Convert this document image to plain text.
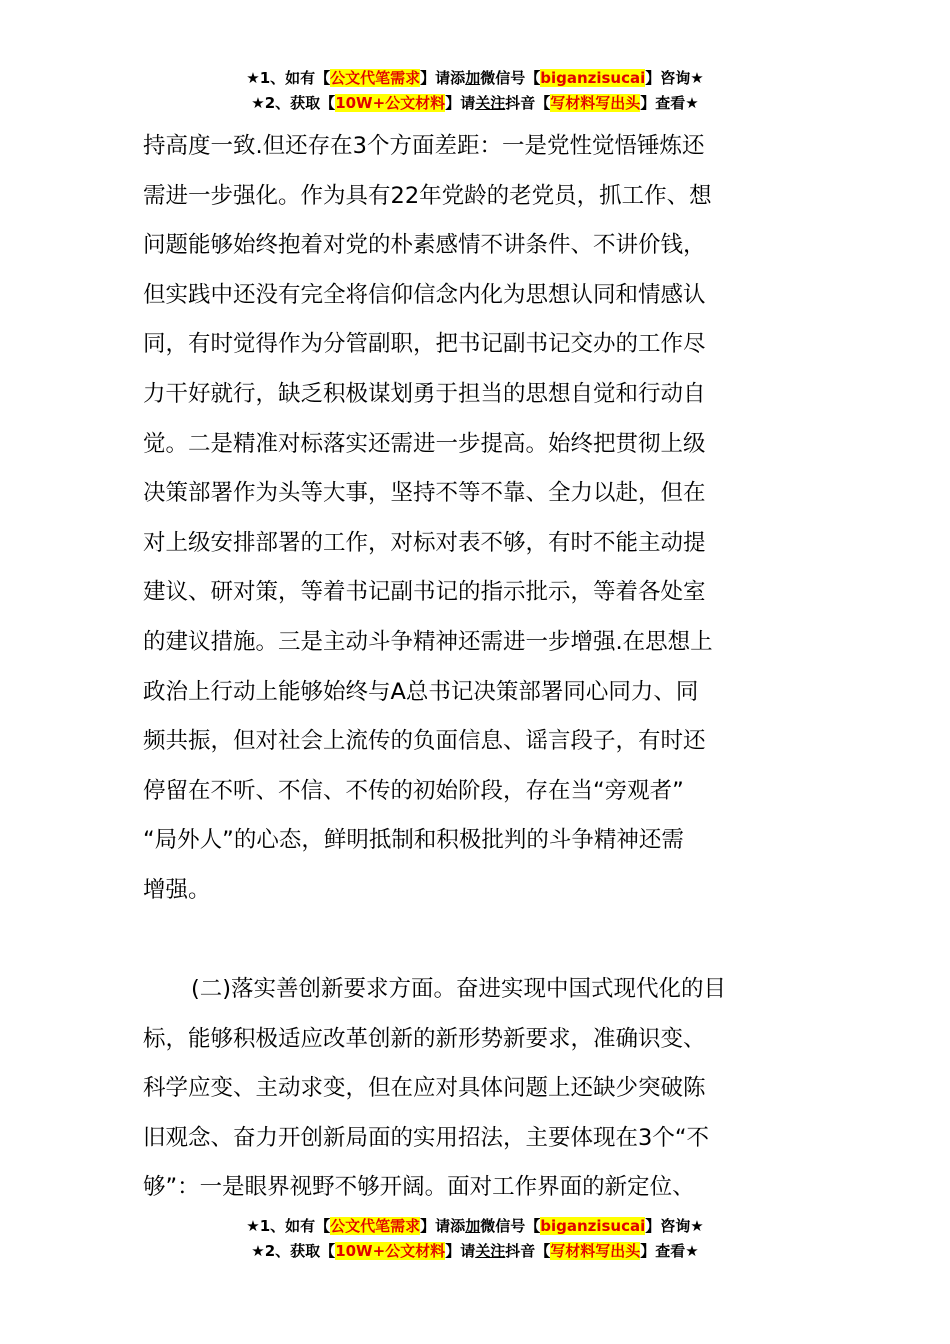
★1、如有【公文代笔需求】请添加微信号【biganzisucai】咨询★
★2、获取【10W+公文材料】请关注抖音【写材料写出头】查看★

持高度一致.但还存在3个方面差距：一是党性觉悟锤炼还
需进一步强化。作为具有22年党龄的老党员，抓工作、想
问题能够始终抱着对党的朴素感情不讲条件、不讲价钱，
但实践中还没有完全将信仰信念内化为思想认同和情感认
同，有时觉得作为分管副职，把书记副书记交办的工作尽
力干好就行，缺乏积极谋划勇于担当的思想自觉和行动自
觉。二是精准对标落实还需进一步提高。始终把贯彻上级
决策部署作为头等大事，坚持不等不靠、全力以赴，但在
对上级安排部署的工作，对标对表不够，有时不能主动提
建议、研对策，等着书记副书记的指示批示，等着各处室
的建议措施。三是主动斗争精神还需进一步增强.在思想上
政治上行动上能够始终与A总书记决策部署同心同力、同
频共振，但对社会上流传的负面信息、谣言段子，有时还
停留在不听、不信、不传的初始阶段，存在当“旁观者”
“局外人”的心态，鲜明抵制和积极批判的斗争精神还需
增强。

(二)落实善创新要求方面。奋进实现中国式现代化的目
标，能够积极适应改革创新的新形势新要求，准确识变、
科学应变、主动求变，但在应对具体问题上还缺少突破陈
旧观念、奋力开创新局面的实用招法，主要体现在3个“不
够”：一是眼界视野不够开阔。面对工作界面的新定位、

★1、如有【公文代笔需求】请添加微信号【biganzisucai】咨询★
★2、获取【10W+公文材料】请关注抖音【写材料写出头】查看★
